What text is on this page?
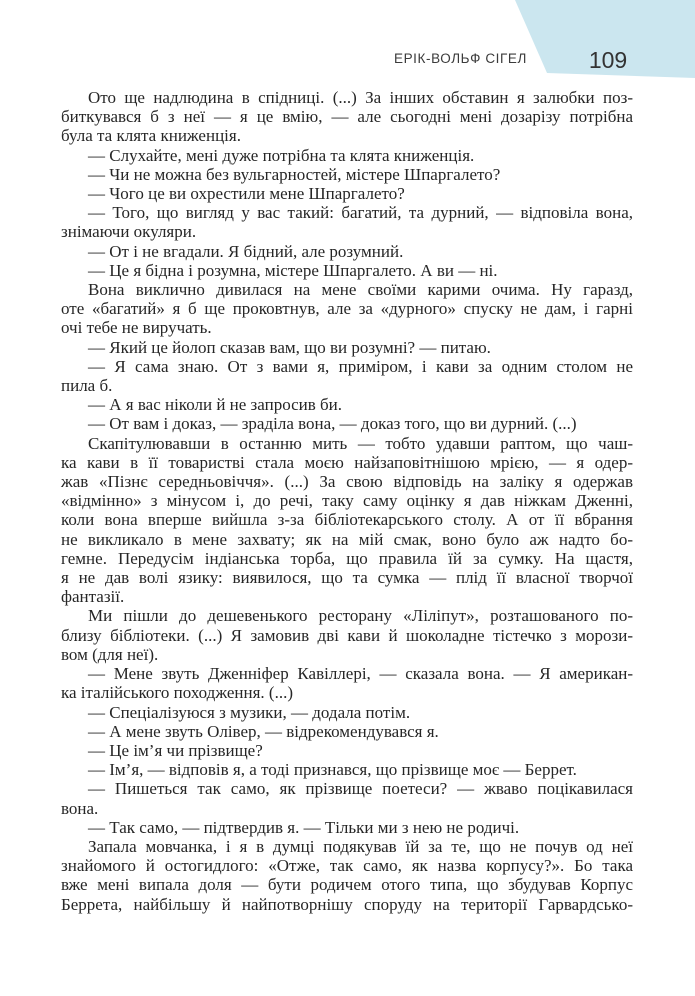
ЕРІК-ВОЛЬФ СІГЕЛ	109
Ото ще надлюдина в спідниці. (...) За інших обставин я залюбки поз-
биткувався б з неї — я це вмію, — але сьогодні мені дозарізу потрібна
була та клята книженція.
— Слухайте, мені дуже потрібна та клята книженція.
— Чи не можна без вульгарностей, містере Шпаргалето?
— Чого це ви охрестили мене Шпаргалето?
— Того, що вигляд у вас такий: багатий, та дурний, — відповіла вона,
знімаючи окуляри.
— От і не вгадали. Я бідний, але розумний.
— Це я бідна і розумна, містере Шпаргалето. А ви — ні.
Вона виклично дивилася на мене своїми карими очима. Ну гаразд,
оте «багатий» я б ще проковтнув, але за «дурного» спуску не дам, і гарні
очі тебе не виручать.
— Який це йолоп сказав вам, що ви розумні? — питаю.
— Я сама знаю. От з вами я, приміром, і кави за одним столом не
пила б.
— А я вас ніколи й не запросив би.
— От вам і доказ, — зраділа вона, — доказ того, що ви дурний. (...)
Скапітулювавши в останню мить — тобто удавши раптом, що чаш-
ка кави в її товаристві стала моєю найзаповітнішою мрією, — я одер-
жав «Пізнє середньовіччя». (...) За свою відповідь на заліку я одержав
«відмінно» з мінусом і, до речі, таку саму оцінку я дав ніжкам Дженні,
коли вона вперше вийшла з-за бібліотекарського столу. А от її вбрання
не викликало в мене захвату; як на мій смак, воно було аж надто бо-
гемне. Передусім індіанська торба, що правила їй за сумку. На щастя,
я не дав волі язику: виявилося, що та сумка — плід її власної творчої
фантазії.
Ми пішли до дешевенького ресторану «Ліліпут», розташованого по-
близу бібліотеки. (...) Я замовив дві кави й шоколадне тістечко з морози-
вом (для неї).
— Мене звуть Дженніфер Кавіллері, — сказала вона. — Я американ-
ка італійського походження. (...)
— Спеціалізуюся з музики, — додала потім.
— А мене звуть Олівер, — відрекомендувався я.
— Це ім’я чи прізвище?
— Ім’я, — відповів я, а тоді признався, що прізвище моє — Беррет.
— Пишеться так само, як прізвище поетеси? — жваво поцікавилася
вона.
— Так само, — підтвердив я. — Тільки ми з нею не родичі.
Запала мовчанка, і я в думці подякував їй за те, що не почув од неї
знайомого й остогидлого: «Отже, так само, як назва корпусу?». Бо така
вже мені випала доля — бути родичем отого типа, що збудував Корпус
Беррета, найбільшу й найпотворнішу споруду на території Гарвардсько-
